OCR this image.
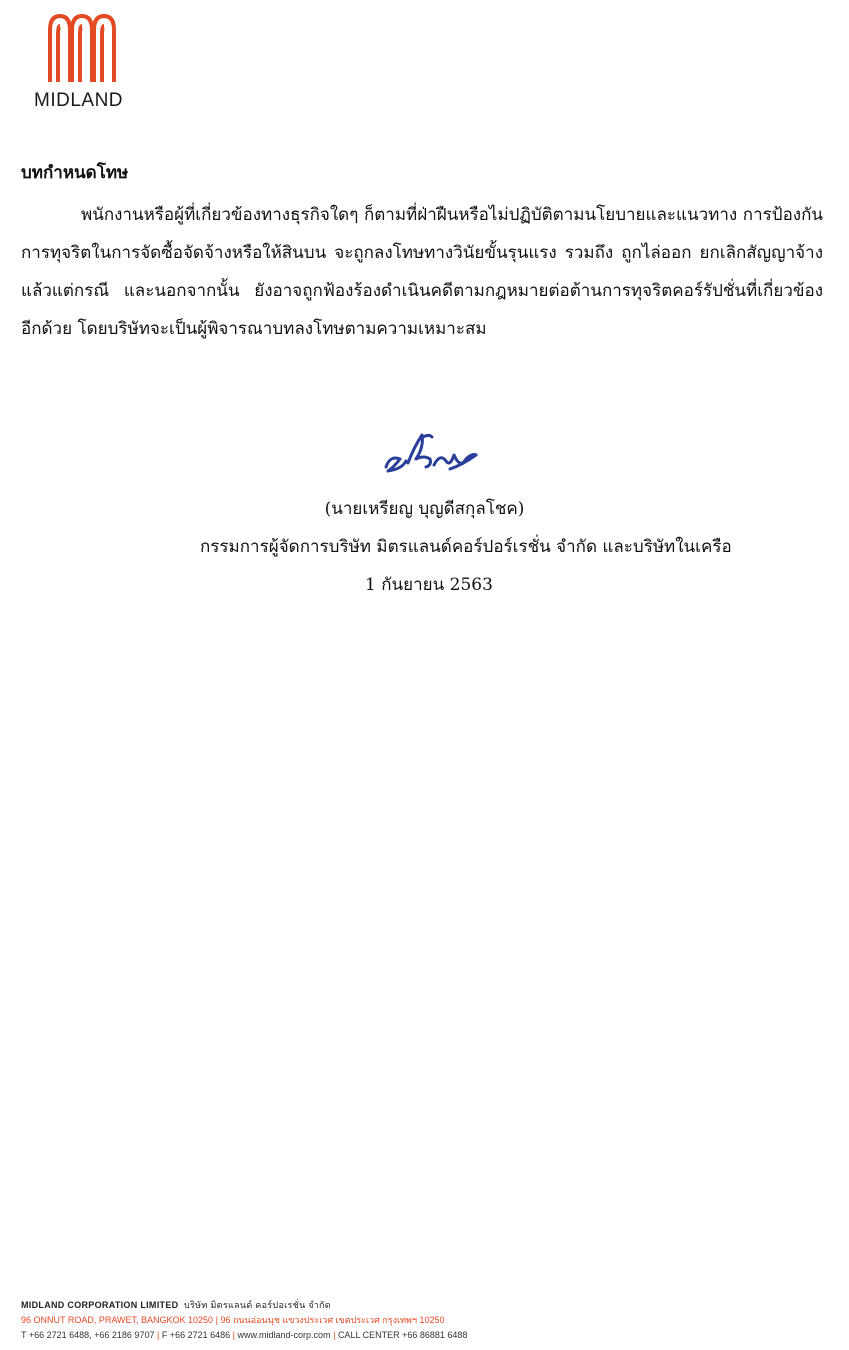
MIDLAND
บทกำหนดโทษ

พนักงานหรือผู้ที่เกี่ยวข้องทางธุรกิจใดๆ ก็ตามที่ฝ่าฝืนหรือไม่ปฏิบัติตามนโยบายและแนวทาง การป้องกันการทุจริตในการจัดซื้อจัดจ้างหรือให้สินบน จะถูกลงโทษทางวินัยขั้นรุนแรง รวมถึง ถูกไล่ออก ยกเลิกสัญญาจ้าง แล้วแต่กรณี และนอกจากนั้น ยังอาจถูกฟ้องร้องดำเนินคดีตามกฎหมายต่อต้านการทุจริตคอร์รัปชั่นที่เกี่ยวข้องอีกด้วย โดยบริษัทจะเป็นผู้พิจารณาบทลงโทษตามความเหมาะสม

(นายเหรียญ บุญดีสกุลโชค)
กรรมการผู้จัดการบริษัท มิตรแลนด์คอร์ปอร์เรชั่น จำกัด และบริษัทในเครือ
1 กันยายน 2563
MIDLAND CORPORATION LIMITED บริษัท มิตรแลนด์ คอร์ปอเรชั่น จำกัด
96 ONNUT ROAD, PRAWET, BANGKOK 10250 | 96 ถนนอ่อนนุช แขวงประเวศ เขตประเวศ กรุงเทพฯ 10250
T +66 2721 6488, +66 2186 9707 | F +66 2721 6486 | www.midland-corp.com | CALL CENTER +66 86881 6488
